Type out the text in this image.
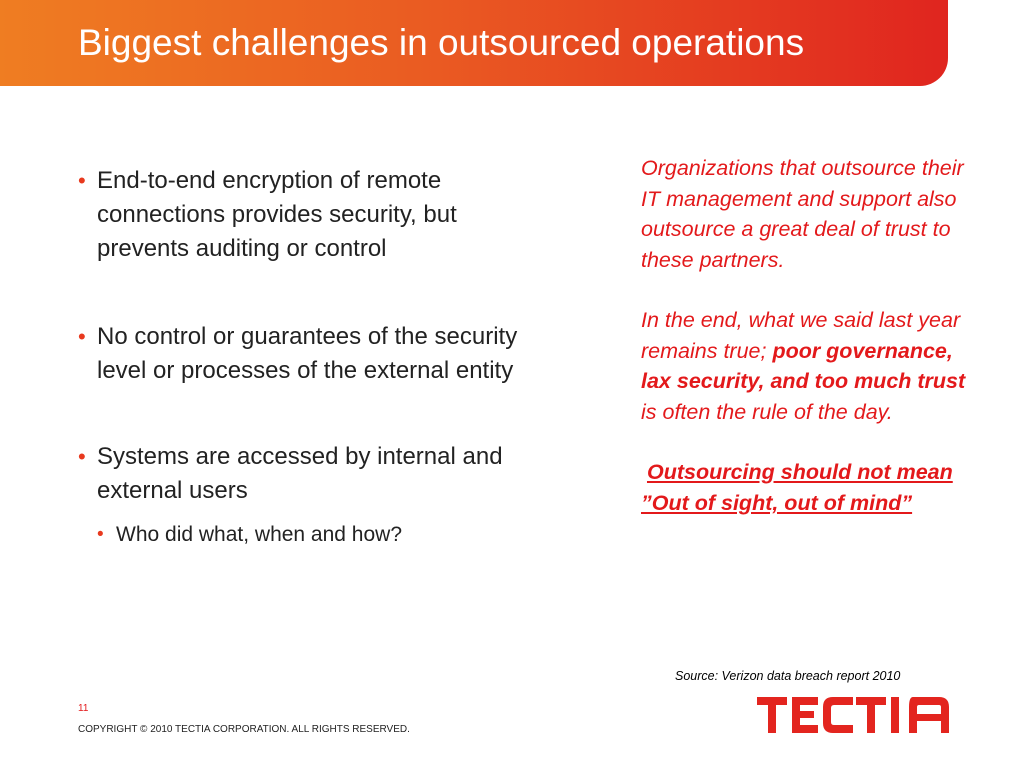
Biggest challenges in outsourced operations
• End-to-end encryption of remote connections provides security, but prevents auditing or control
• No control or guarantees of the security level or processes of the external entity
• Systems are accessed by internal and external users
• Who did what, when and how?

Organizations that outsource their IT management and support also outsource a great deal of trust to these partners.

In the end, what we said last year remains true; poor governance, lax security, and too much trust is often the rule of the day.

Outsourcing should not mean ”Out of sight, out of mind”

Source: Verizon data breach report 2010
11
COPYRIGHT © 2010 TECTIA CORPORATION. ALL RIGHTS RESERVED.
